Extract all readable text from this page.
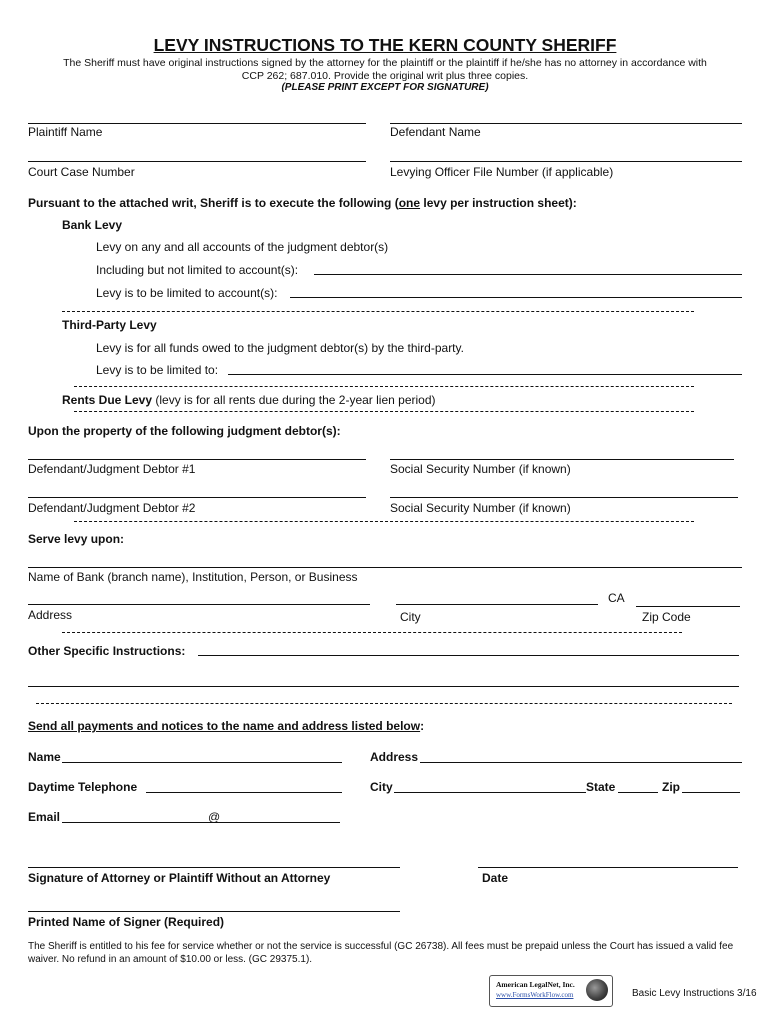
LEVY INSTRUCTIONS TO THE KERN COUNTY SHERIFF
The Sheriff must have original instructions signed by the attorney for the plaintiff or the plaintiff if he/she has no attorney in accordance with
CCP 262; 687.010. Provide the original writ plus three copies.
(PLEASE PRINT EXCEPT FOR SIGNATURE)
Plaintiff Name	Defendant Name
Court Case Number	Levying Officer File Number (if applicable)
Pursuant to the attached writ, Sheriff is to execute the following (one levy per instruction sheet):
Bank Levy
Levy on any and all accounts of the judgment debtor(s)
Including but not limited to account(s):
Levy is to be limited to account(s):
Third-Party Levy
Levy is for all funds owed to the judgment debtor(s) by the third-party.
Levy is to be limited to:
Rents Due Levy (levy is for all rents due during the 2-year lien period)
Upon the property of the following judgment debtor(s):
Defendant/Judgment Debtor #1	Social Security Number (if known)
Defendant/Judgment Debtor #2	Social Security Number (if known)
Serve levy upon:
Name of Bank (branch name), Institution, Person, or Business
CA
Address	City	Zip Code
Other Specific Instructions:
Send all payments and notices to the name and address listed below:
Name	Address
Daytime Telephone	City	State	Zip
Email	@
Signature of Attorney or Plaintiff Without an Attorney	Date
Printed Name of Signer (Required)
The Sheriff is entitled to his fee for service whether or not the service is successful (GC 26738). All fees must be prepaid unless the Court has issued a valid fee
waiver. No refund in an amount of $10.00 or less. (GC 29375.1).
American LegalNet, Inc.
www.FormsWorkFlow.com	Basic Levy Instructions 3/16
